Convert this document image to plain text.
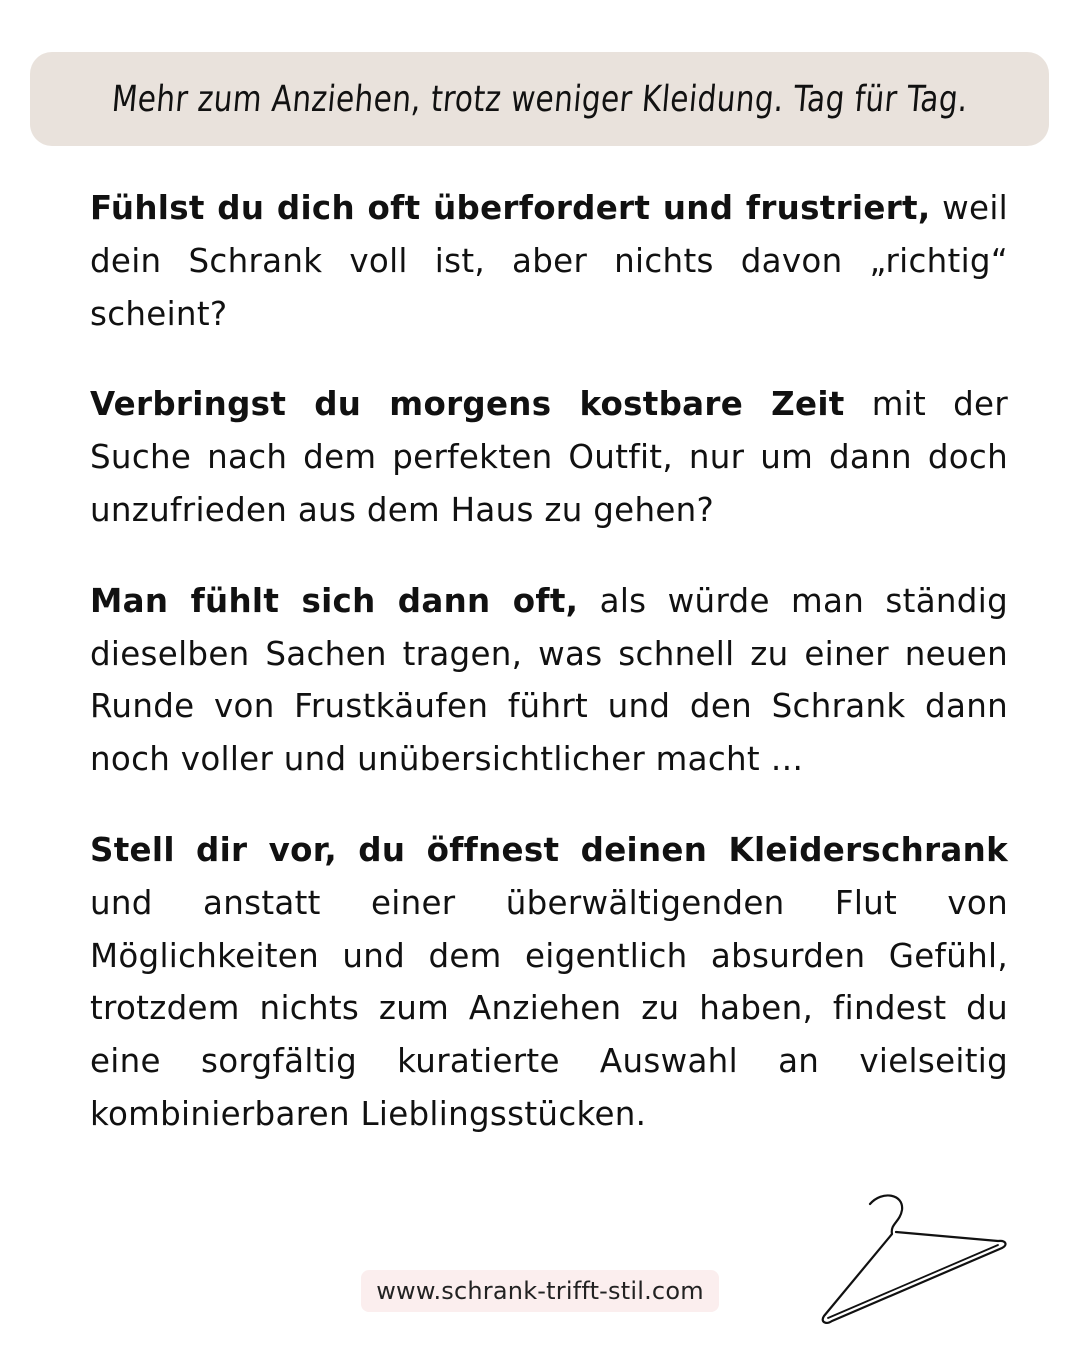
Mehr zum Anziehen, trotz weniger Kleidung. Tag für Tag.

Fühlst du dich oft überfordert und frustriert, weil dein Schrank voll ist, aber nichts davon „richtig“ scheint?

Verbringst du morgens kostbare Zeit mit der Suche nach dem perfekten Outfit, nur um dann doch unzufrieden aus dem Haus zu gehen?

Man fühlt sich dann oft, als würde man ständig dieselben Sachen tragen, was schnell zu einer neuen Runde von Frustkäufen führt und den Schrank dann noch voller und unübersichtlicher macht …

Stell dir vor, du öffnest deinen Kleiderschrank und anstatt einer überwältigenden Flut von Möglichkeiten und dem eigentlich absurden Gefühl, trotzdem nichts zum Anziehen zu haben, findest du eine sorgfältig kuratierte Auswahl an vielseitig kombinierbaren Lieblingsstücken.

www.schrank-trifft-stil.com
